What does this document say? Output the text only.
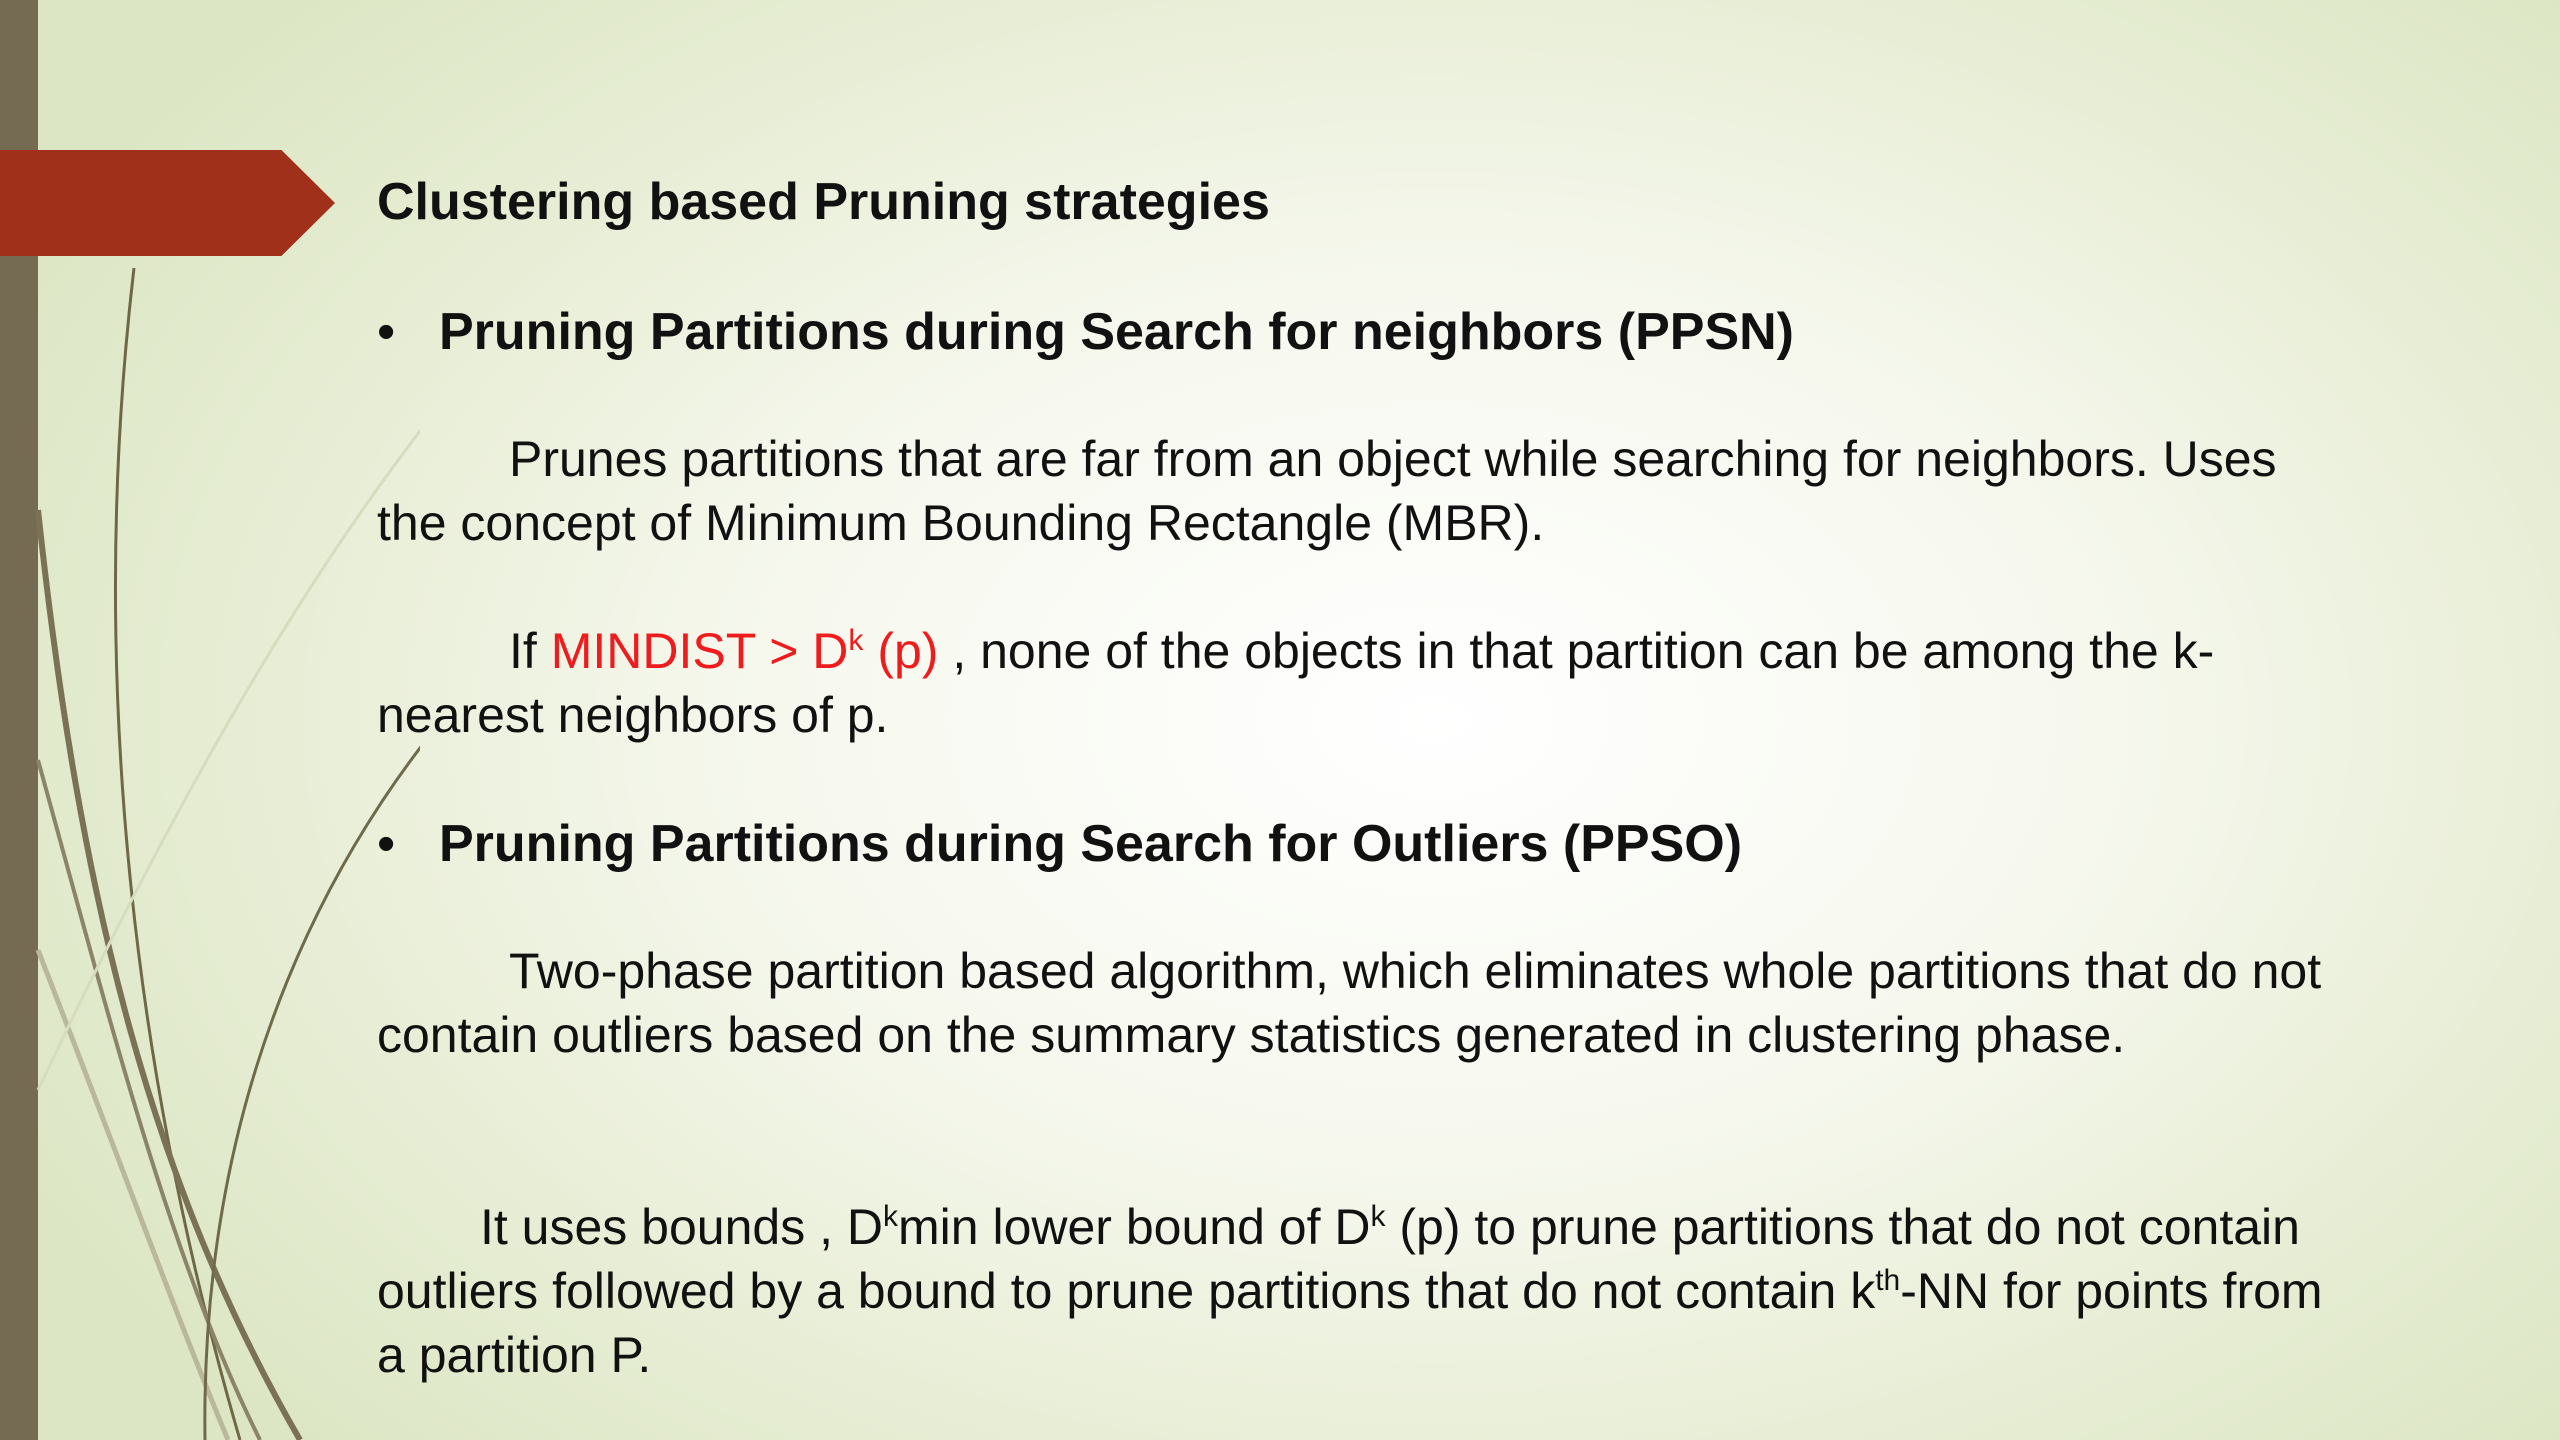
Clustering based Pruning strategies
• Pruning Partitions during Search for neighbors (PPSN)
Prunes partitions that are far from an object while searching for neighbors. Uses the concept of Minimum Bounding Rectangle (MBR).
If MINDIST > $D^k$ (p) , none of the objects in that partition can be among the k-nearest neighbors of p.
• Pruning Partitions during Search for Outliers (PPSO)
Two-phase partition based algorithm, which eliminates whole partitions that do not contain outliers based on the summary statistics generated in clustering phase.
It uses bounds , $D^k\min$ lower bound of $D^k$ (p) to prune partitions that do not contain outliers followed by a bound to prune partitions that do not contain $k^{th}-NN$ for points from a partition P.
